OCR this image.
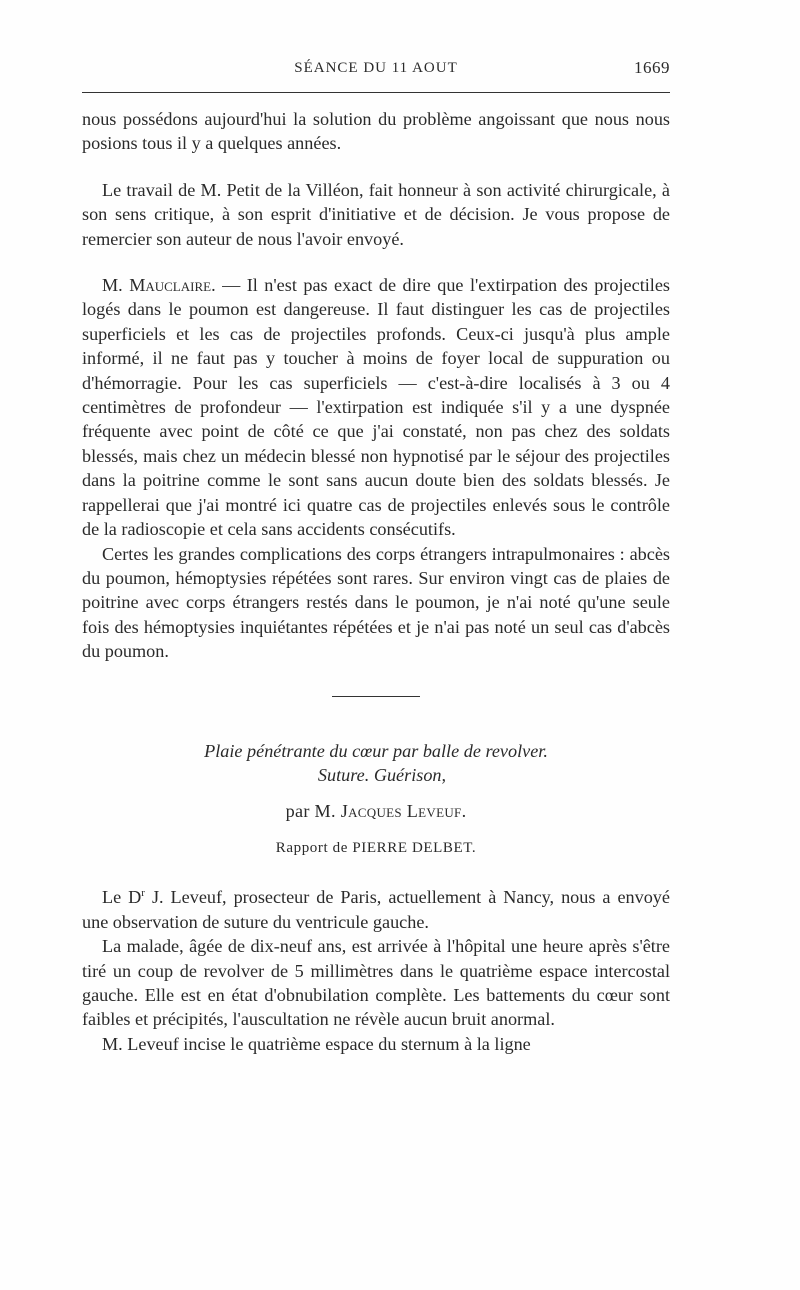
SÉANCE DU 11 AOUT	1669

nous possédons aujourd'hui la solution du problème angoissant que nous nous posions tous il y a quelques années.

Le travail de M. Petit de la Villéon, fait honneur à son activité chirurgicale, à son sens critique, à son esprit d'initiative et de décision. Je vous propose de remercier son auteur de nous l'avoir envoyé.

M. Mauclaire. — Il n'est pas exact de dire que l'extirpation des projectiles logés dans le poumon est dangereuse. Il faut distinguer les cas de projectiles superficiels et les cas de projectiles profonds. Ceux-ci jusqu'à plus ample informé, il ne faut pas y toucher à moins de foyer local de suppuration ou d'hémorragie. Pour les cas superficiels — c'est-à-dire localisés à 3 ou 4 centimètres de profondeur — l'extirpation est indiquée s'il y a une dyspnée fréquente avec point de côté ce que j'ai constaté, non pas chez des soldats blessés, mais chez un médecin blessé non hypnotisé par le séjour des projectiles dans la poitrine comme le sont sans aucun doute bien des soldats blessés. Je rappellerai que j'ai montré ici quatre cas de projectiles enlevés sous le contrôle de la radioscopie et cela sans accidents consécutifs.

Certes les grandes complications des corps étrangers intrapulmonaires : abcès du poumon, hémoptysies répétées sont rares. Sur environ vingt cas de plaies de poitrine avec corps étrangers restés dans le poumon, je n'ai noté qu'une seule fois des hémoptysies inquiétantes répétées et je n'ai pas noté un seul cas d'abcès du poumon.

Plaie pénétrante du cœur par balle de revolver.
Suture. Guérison,
par M. Jacques Leveuf.
Rapport de PIERRE DELBET.

Le $D^r$ J. Leveuf, prosecteur de Paris, actuellement à Nancy, nous a envoyé une observation de suture du ventricule gauche.

La malade, âgée de dix-neuf ans, est arrivée à l'hôpital une heure après s'être tiré un coup de revolver de 5 millimètres dans le quatrième espace intercostal gauche. Elle est en état d'obnubilation complète. Les battements du cœur sont faibles et précipités, l'auscultation ne révèle aucun bruit anormal.

M. Leveuf incise le quatrième espace du sternum à la ligne
